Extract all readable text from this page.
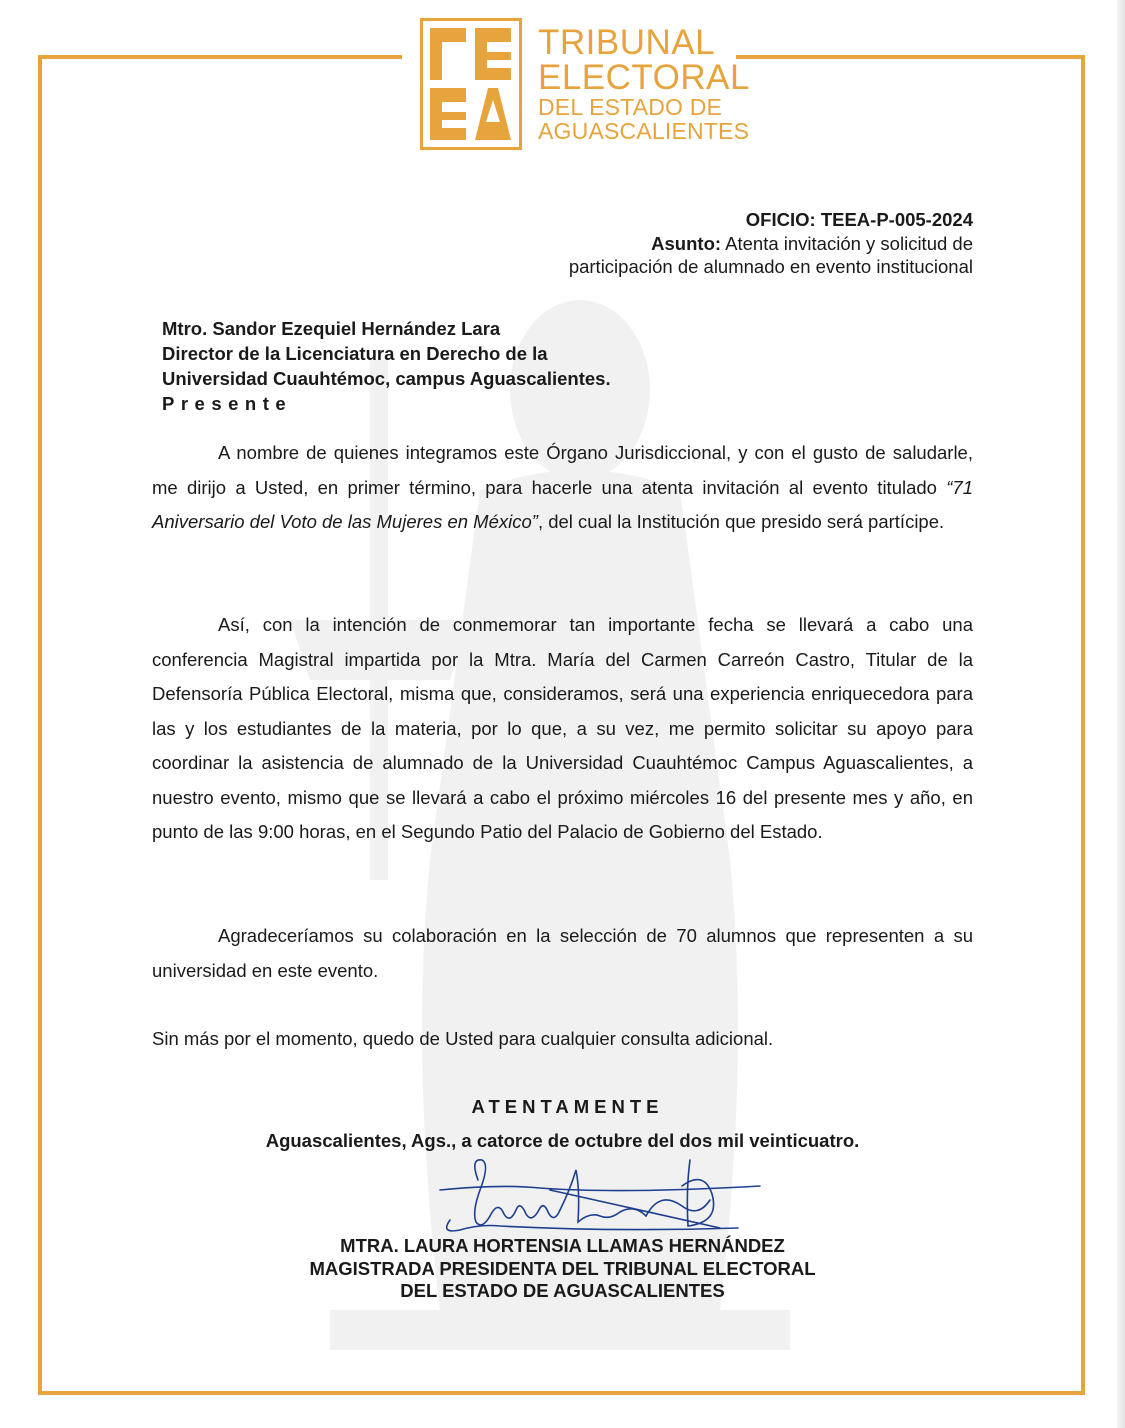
TRIBUNAL
ELECTORAL
DEL ESTADO DE
AGUASCALIENTES
OFICIO: TEEA-P-005-2024
Asunto: Atenta invitación y solicitud de
participación de alumnado en evento institucional
Mtro. Sandor Ezequiel Hernández Lara
Director de la Licenciatura en Derecho de la
Universidad Cuauhtémoc, campus Aguascalientes.
Presente
A nombre de quienes integramos este Órgano Jurisdiccional, y con el gusto de saludarle, me dirijo a Usted, en primer término, para hacerle una atenta invitación al evento titulado “71 Aniversario del Voto de las Mujeres en México”, del cual la Institución que presido será partícipe.
Así, con la intención de conmemorar tan importante fecha se llevará a cabo una conferencia Magistral impartida por la Mtra. María del Carmen Carreón Castro, Titular de la Defensoría Pública Electoral, misma que, consideramos, será una experiencia enriquecedora para las y los estudiantes de la materia, por lo que, a su vez, me permito solicitar su apoyo para coordinar la asistencia de alumnado de la Universidad Cuauhtémoc Campus Aguascalientes, a nuestro evento, mismo que se llevará a cabo el próximo miércoles 16 del presente mes y año, en punto de las 9:00 horas, en el Segundo Patio del Palacio de Gobierno del Estado.
Agradeceríamos su colaboración en la selección de 70 alumnos que representen a su universidad en este evento.
Sin más por el momento, quedo de Usted para cualquier consulta adicional.
ATENTAMENTE
Aguascalientes, Ags., a catorce de octubre del dos mil veinticuatro.
MTRA. LAURA HORTENSIA LLAMAS HERNÁNDEZ
MAGISTRADA PRESIDENTA DEL TRIBUNAL ELECTORAL
DEL ESTADO DE AGUASCALIENTES
